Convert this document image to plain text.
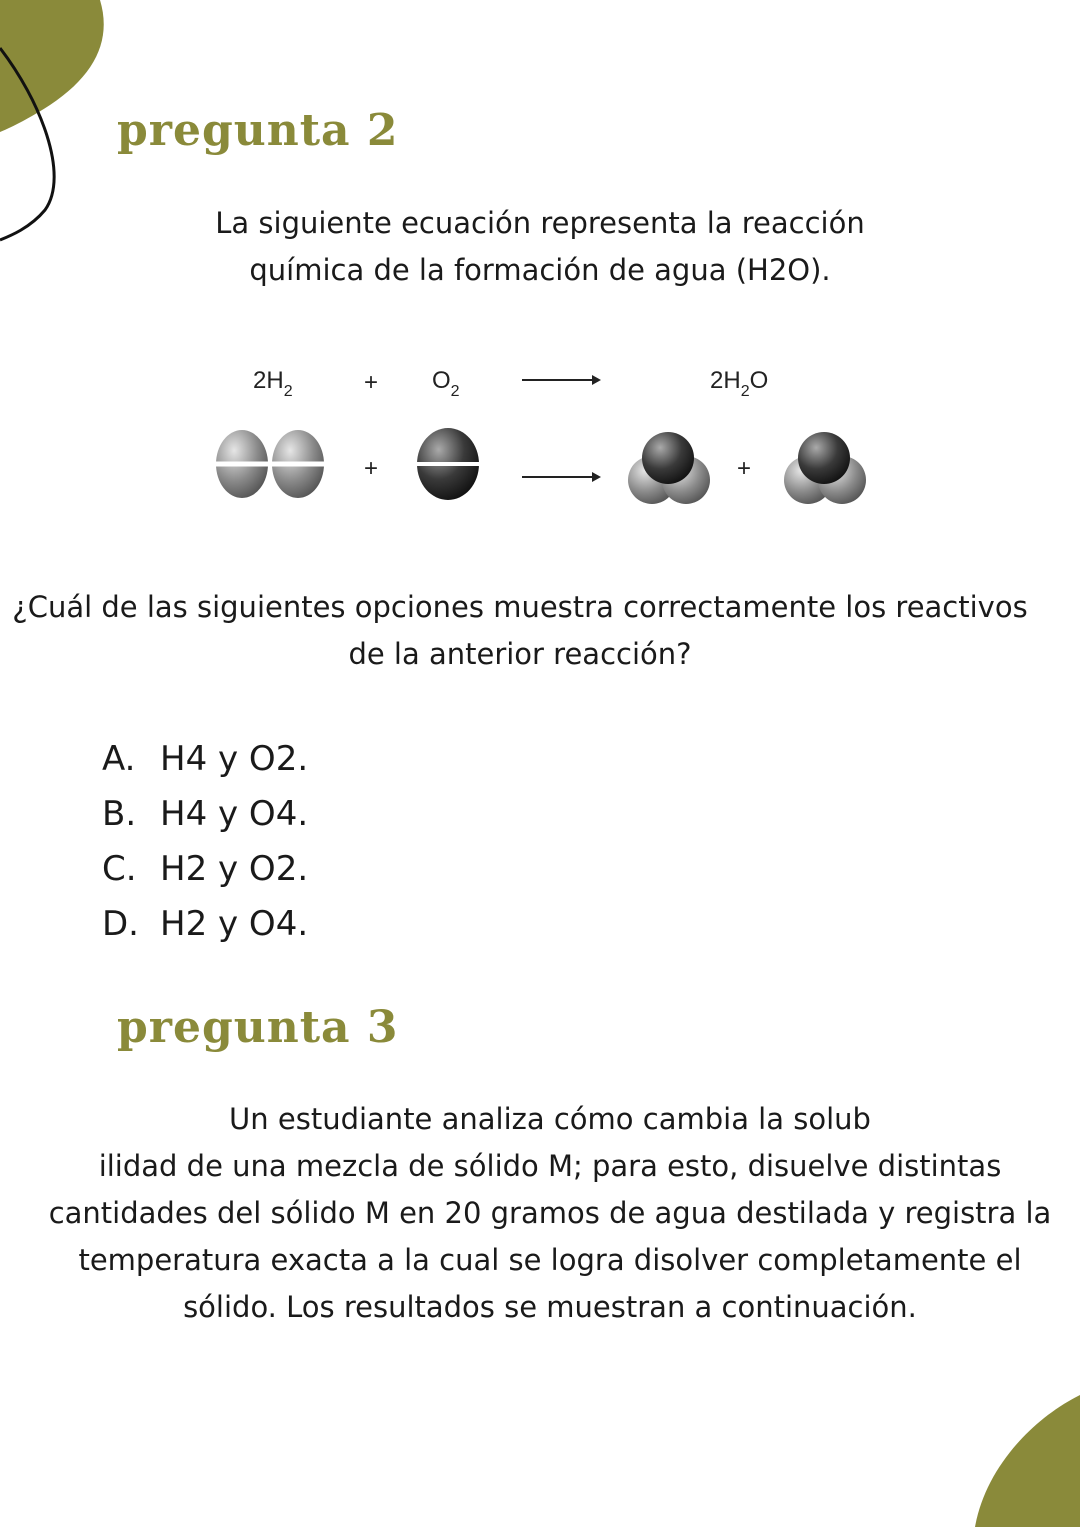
pregunta 2

La siguiente ecuación representa la reacción
química de la formación de agua (H2O).

$2H_2$	+ $O_2$	$2H_2O$
+	+

¿Cuál de las siguientes opciones muestra correctamente los reactivos
de la anterior reacción?

A. H4 y O2.
B. H4 y O4.
C. H2 y O2.
D. H2 y O4.
pregunta 3

Un estudiante analiza cómo cambia la solub
ilidad de una mezcla de sólido M; para esto, disuelve distintas
cantidades del sólido M en 20 gramos de agua destilada y registra la
temperatura exacta a la cual se logra disolver completamente el
sólido. Los resultados se muestran a continuación.
